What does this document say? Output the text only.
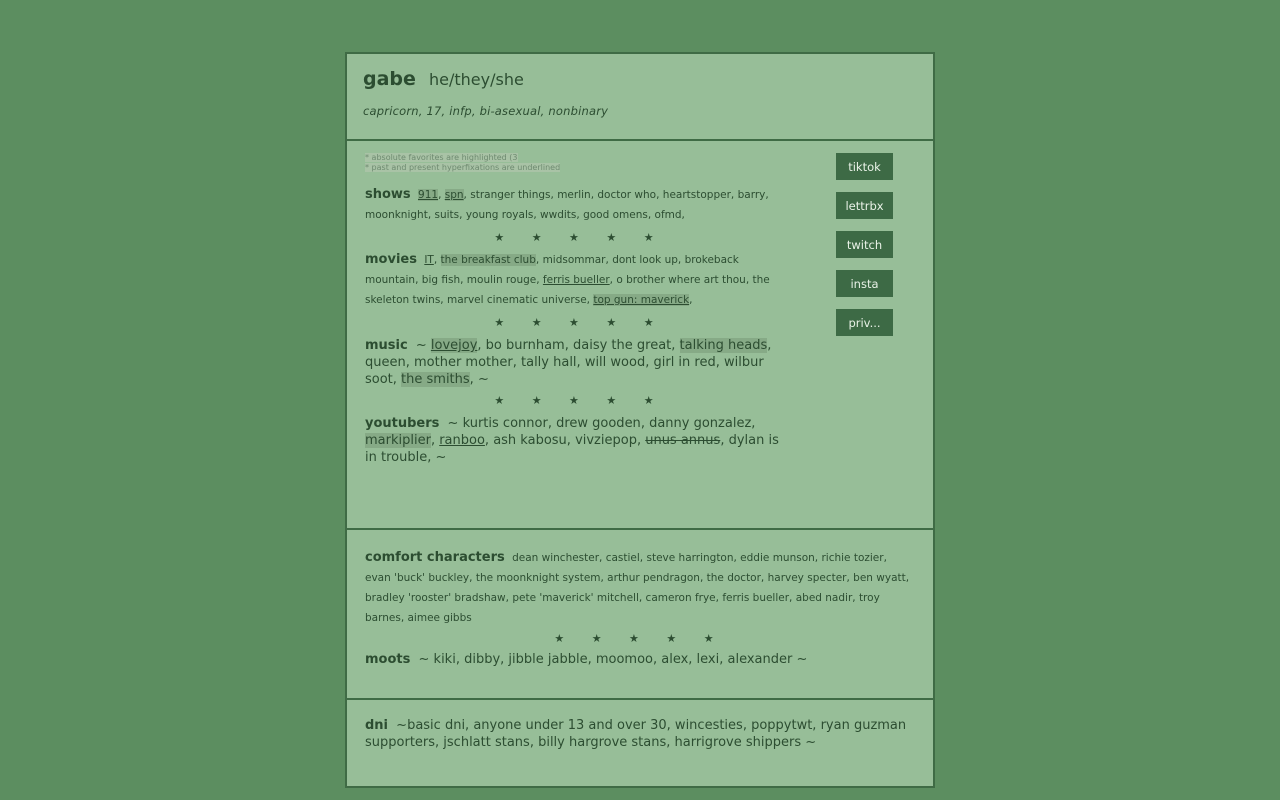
gabe he/they/she
capricorn, 17, infp, bi-asexual, nonbinary
* absolute favorites are highlighted (3
* past and present hyperfixations are underlined
shows 911, spn, stranger things, merlin, doctor who, heartstopper, barry, moonknight, suits, young royals, wwdits, good omens, ofmd,
★ ★ ★ ★ ★
movies IT, the breakfast club, midsommar, dont look up, brokeback mountain, big fish, moulin rouge, ferris bueller, o brother where art thou, the skeleton twins, marvel cinematic universe, top gun: maverick,
★ ★ ★ ★ ★
music ~ lovejoy, bo burnham, daisy the great, talking heads, queen, mother mother, tally hall, will wood, girl in red, wilbur soot, the smiths, ~
★ ★ ★ ★ ★
youtubers ~ kurtis connor, drew gooden, danny gonzalez, markiplier, ranboo, ash kabosu, vivziepop, unus annus, dylan is in trouble, ~
tiktok
lettrbx
twitch
insta
priv...
comfort characters dean winchester, castiel, steve harrington, eddie munson, richie tozier, evan 'buck' buckley, the moonknight system, arthur pendragon, the doctor, harvey specter, ben wyatt, bradley 'rooster' bradshaw, pete 'maverick' mitchell, cameron frye, ferris bueller, abed nadir, troy barnes, aimee gibbs
★ ★ ★ ★ ★
moots ~ kiki, dibby, jibble jabble, moomoo, alex, lexi, alexander ~
dni ~basic dni, anyone under 13 and over 30, wincesties, poppytwt, ryan guzman supporters, jschlatt stans, billy hargrove stans, harrigrove shippers ~
